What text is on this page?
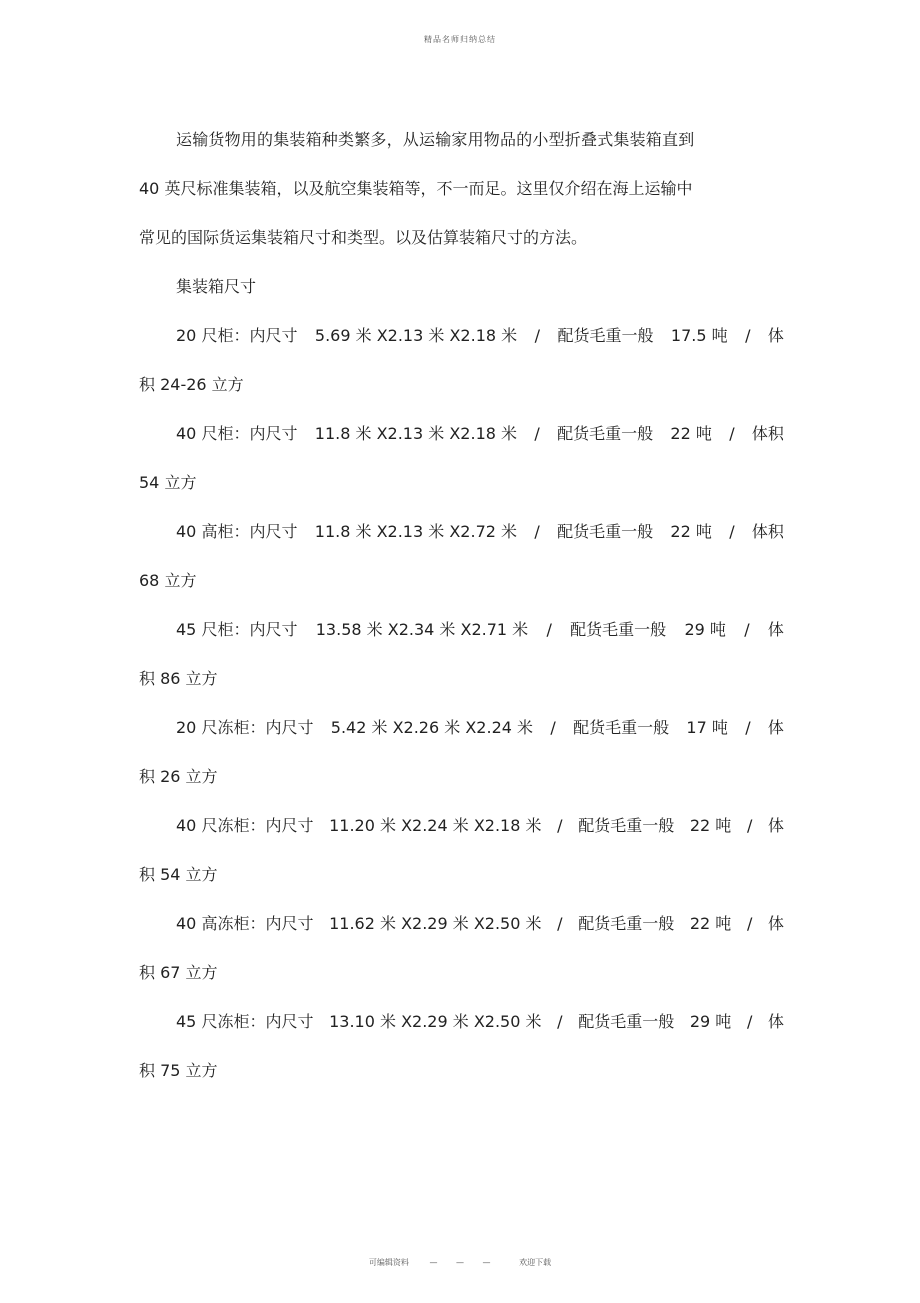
精品名师归纳总结
运输货物用的集装箱种类繁多，从运输家用物品的小型折叠式集装箱直到
40 英尺标准集装箱，以及航空集装箱等，不一而足。这里仅介绍在海上运输中
常见的国际货运集装箱尺寸和类型。以及估算装箱尺寸的方法。
集装箱尺寸
20 尺柜：内尺寸 5.69 米 X2.13 米 X2.18 米 / 配货毛重一般 17.5 吨 / 体
积 24-26 立方
40 尺柜：内尺寸 11.8 米 X2.13 米 X2.18 米 / 配货毛重一般 22 吨 / 体积
54 立方
40 高柜：内尺寸 11.8 米 X2.13 米 X2.72 米 / 配货毛重一般 22 吨 / 体积
68 立方
45 尺柜：内尺寸 13.58 米 X2.34 米 X2.71 米 / 配货毛重一般 29 吨 / 体
积 86 立方
20 尺冻柜：内尺寸 5.42 米 X2.26 米 X2.24 米 / 配货毛重一般 17 吨 / 体
积 26 立方
40 尺冻柜：内尺寸 11.20 米 X2.24 米 X2.18 米 / 配货毛重一般 22 吨 / 体
积 54 立方
40 高冻柜：内尺寸 11.62 米 X2.29 米 X2.50 米 / 配货毛重一般 22 吨 / 体
积 67 立方
45 尺冻柜：内尺寸 13.10 米 X2.29 米 X2.50 米 / 配货毛重一般 29 吨 / 体
积 75 立方
可编辑资料	— — —	欢迎下载
